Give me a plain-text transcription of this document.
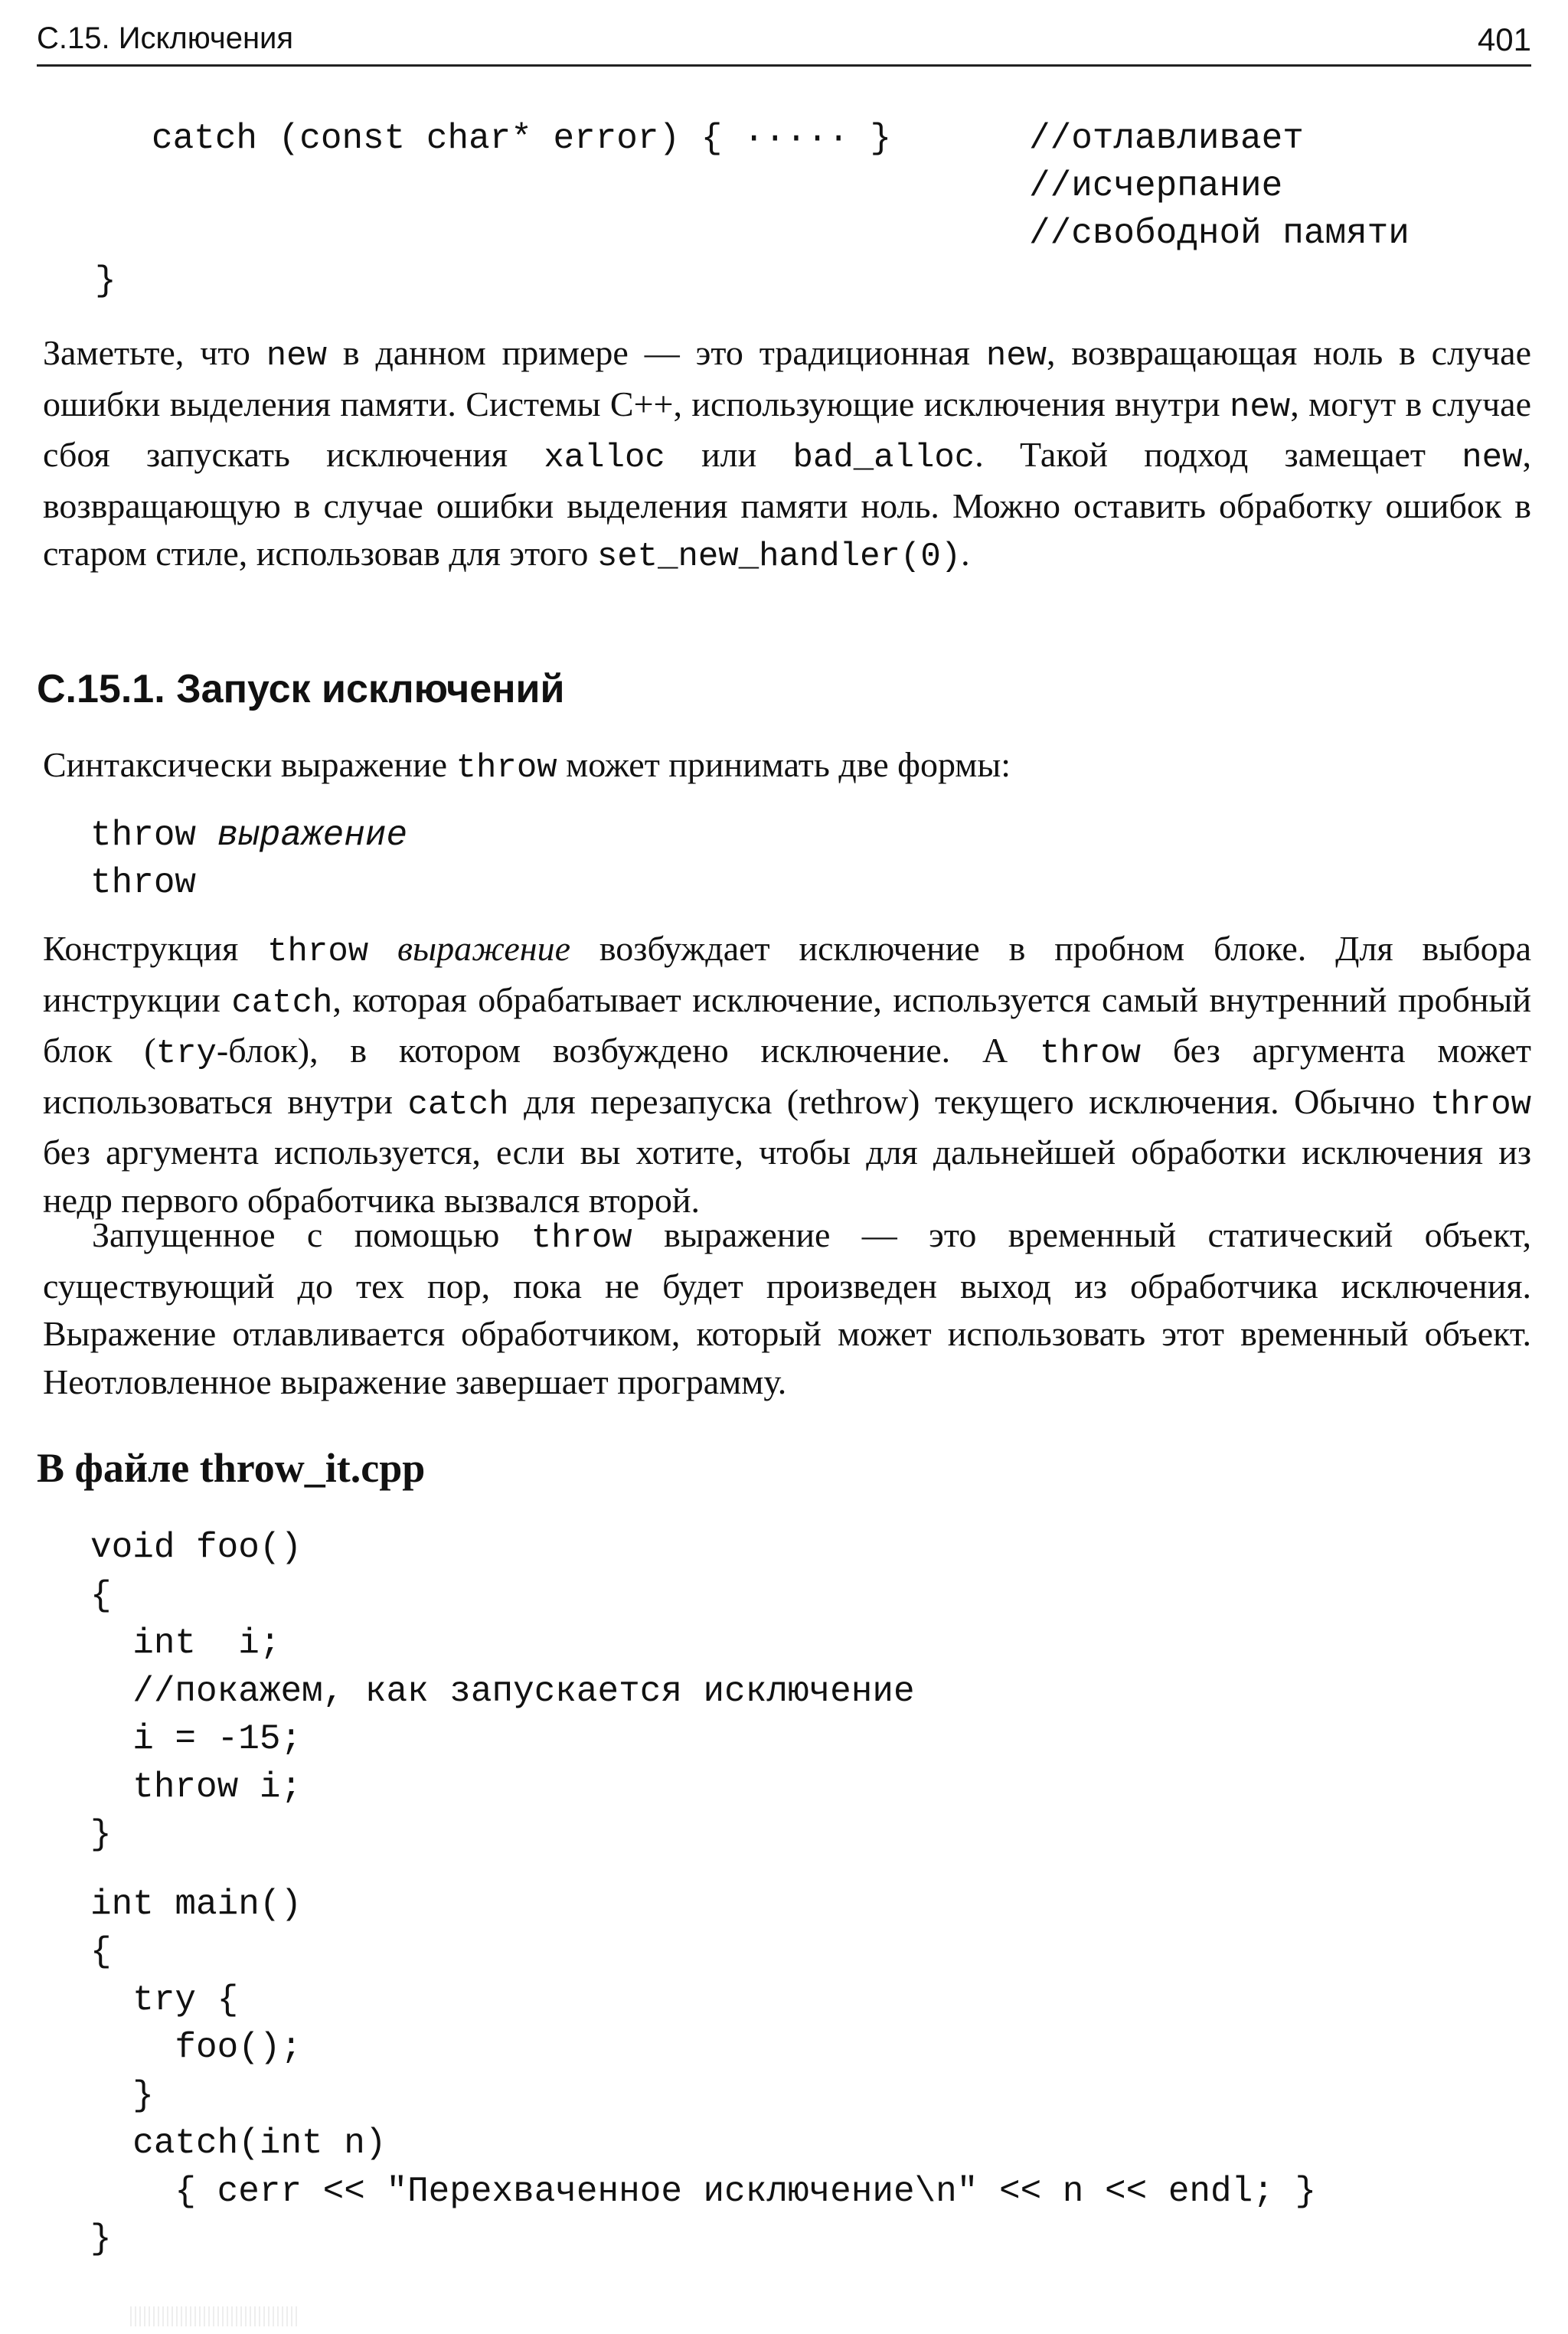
С.15. Исключения	401
catch (const char* error) { ····· }	//отлавливает
//исчерпание
//свободной памяти
}

Заметьте, что new в данном примере — это традиционная new, возвращающая ноль в случае ошибки выделения памяти. Системы С++, использующие исключения внутри new, могут в случае сбоя запускать исключения xalloc или bad_alloc. Такой подход замещает new, возвращающую в случае ошибки выделения памяти ноль. Можно оставить обработку ошибок в старом стиле, использовав для этого set_new_handler(0).

С.15.1. Запуск исключений

Синтаксически выражение throw может принимать две формы:

throw выражение
throw

Конструкция throw выражение возбуждает исключение в пробном блоке. Для выбора инструкции catch, которая обрабатывает исключение, используется самый внутренний пробный блок (try-блок), в котором возбуждено исключение. А throw без аргумента может использоваться внутри catch для перезапуска (rethrow) текущего исключения. Обычно throw без аргумента используется, если вы хотите, чтобы для дальнейшей обработки исключения из недр первого обработчика вызвался второй.

Запущенное с помощью throw выражение — это временный статический объект, существующий до тех пор, пока не будет произведен выход из обработчика исключения. Выражение отлавливается обработчиком, который может использовать этот временный объект. Неотловленное выражение завершает программу.

В файле throw_it.cpp
void foo()
{
int  i;
//покажем, как запускается исключение
i = -15;
throw i;
}
int main()
{
try {
foo();
}
catch(int n)
{ cerr << "Перехваченное исключение\n" << n << endl; }
}
